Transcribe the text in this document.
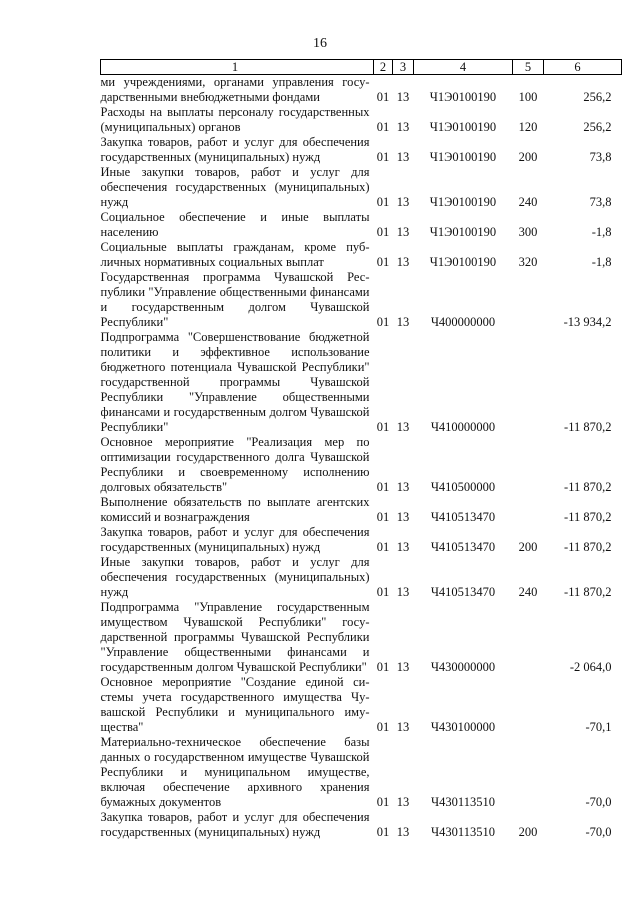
16
1	2	3	4	5	6
ми учреждениями, органами управления государственными внебюджетными фондами	01	13	Ч1Э0100190	100	256,2
Расходы на выплаты персоналу государственных (муниципальных) органов	01	13	Ч1Э0100190	120	256,2
Закупка товаров, работ и услуг для обеспечения государственных (муниципальных) нужд	01	13	Ч1Э0100190	200	73,8
Иные закупки товаров, работ и услуг для обеспечения государственных (муниципальных) нужд	01	13	Ч1Э0100190	240	73,8
Социальное обеспечение и иные выплаты населению	01	13	Ч1Э0100190	300	-1,8
Социальные выплаты гражданам, кроме публичных нормативных социальных выплат	01	13	Ч1Э0100190	320	-1,8
Государственная программа Чувашской Республики "Управление общественными финансами и государственным долгом Чувашской Республики"	01	13	Ч400000000		-13 934,2
Подпрограмма "Совершенствование бюджетной политики и эффективное использование бюджетного потенциала Чувашской Республики" государственной программы Чувашской Республики "Управление общественными финансами и государственным долгом Чувашской Республики"	01	13	Ч410000000		-11 870,2
Основное мероприятие "Реализация мер по оптимизации государственного долга Чувашской Республики и своевременному исполнению долговых обязательств"	01	13	Ч410500000		-11 870,2
Выполнение обязательств по выплате агентских комиссий и вознаграждения	01	13	Ч410513470		-11 870,2
Закупка товаров, работ и услуг для обеспечения государственных (муниципальных) нужд	01	13	Ч410513470	200	-11 870,2
Иные закупки товаров, работ и услуг для обеспечения государственных (муниципальных) нужд	01	13	Ч410513470	240	-11 870,2
Подпрограмма "Управление государственным имуществом Чувашской Республики" государственной программы Чувашской Республики "Управление общественными финансами и государственным долгом Чувашской Республики"	01	13	Ч430000000		-2 064,0
Основное мероприятие "Создание единой системы учета государственного имущества Чувашской Республики и муниципального имущества"	01	13	Ч430100000		-70,1
Материально-техническое обеспечение базы данных о государственном имуществе Чувашской Республики и муниципальном имуществе, включая обеспечение архивного хранения бумажных документов	01	13	Ч430113510		-70,0
Закупка товаров, работ и услуг для обеспечения государственных (муниципальных) нужд	01	13	Ч430113510	200	-70,0
